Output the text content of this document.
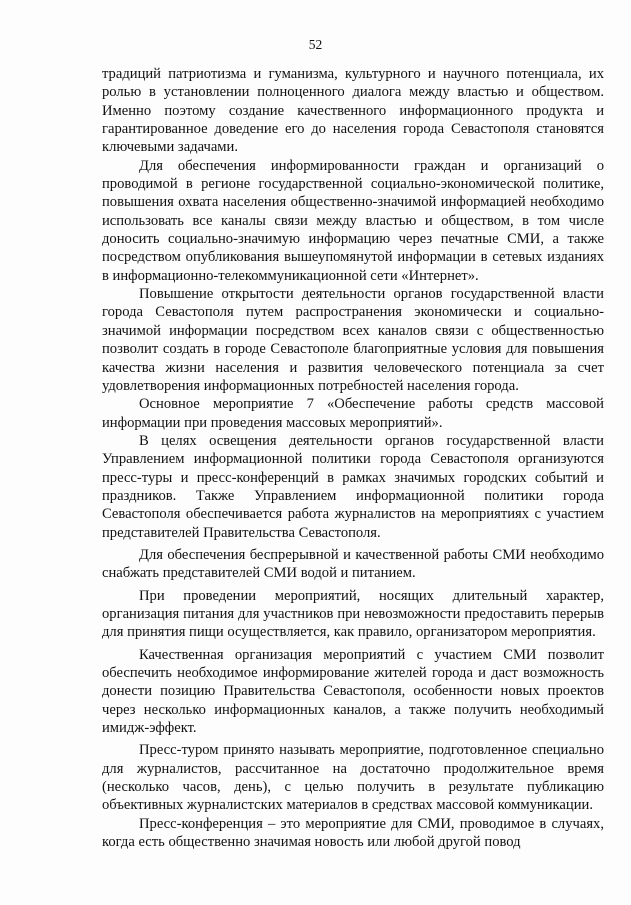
52

традиций патриотизма и гуманизма, культурного и научного потенциала, их ролью в установлении полноценного диалога между властью и обществом. Именно поэтому создание качественного информационного продукта и гарантированное доведение его до населения города Севастополя становятся ключевыми задачами.

Для обеспечения информированности граждан и организаций о проводимой в регионе государственной социально-экономической политике, повышения охвата населения общественно-значимой информацией необходимо использовать все каналы связи между властью и обществом, в том числе доносить социально-значимую информацию через печатные СМИ, а также посредством опубликования вышеупомянутой информации в сетевых изданиях в информационно-телекоммуникационной сети «Интернет».

Повышение открытости деятельности органов государственной власти города Севастополя путем распространения экономически и социально-значимой информации посредством всех каналов связи с общественностью позволит создать в городе Севастополе благоприятные условия для повышения качества жизни населения и развития человеческого потенциала за счет удовлетворения информационных потребностей населения города.

Основное мероприятие 7 «Обеспечение работы средств массовой информации при проведения массовых мероприятий».

В целях освещения деятельности органов государственной власти Управлением информационной политики города Севастополя организуются пресс-туры и пресс-конференций в рамках значимых городских событий и праздников. Также Управлением информационной политики города Севастополя обеспечивается работа журналистов на мероприятиях с участием представителей Правительства Севастополя.

Для обеспечения беспрерывной и качественной работы СМИ необходимо снабжать представителей СМИ водой и питанием.

При проведении мероприятий, носящих длительный характер, организация питания для участников при невозможности предоставить перерыв для принятия пищи осуществляется, как правило, организатором мероприятия.

Качественная организация мероприятий с участием СМИ позволит обеспечить необходимое информирование жителей города и даст возможность донести позицию Правительства Севастополя, особенности новых проектов через несколько информационных каналов, а также получить необходимый имидж-эффект.

Пресс-туром принято называть мероприятие, подготовленное специально для журналистов, рассчитанное на достаточно продолжительное время (несколько часов, день), с целью получить в результате публикацию объективных журналистских материалов в средствах массовой коммуникации.

Пресс-конференция – это мероприятие для СМИ, проводимое в случаях, когда есть общественно значимая новость или любой другой повод
